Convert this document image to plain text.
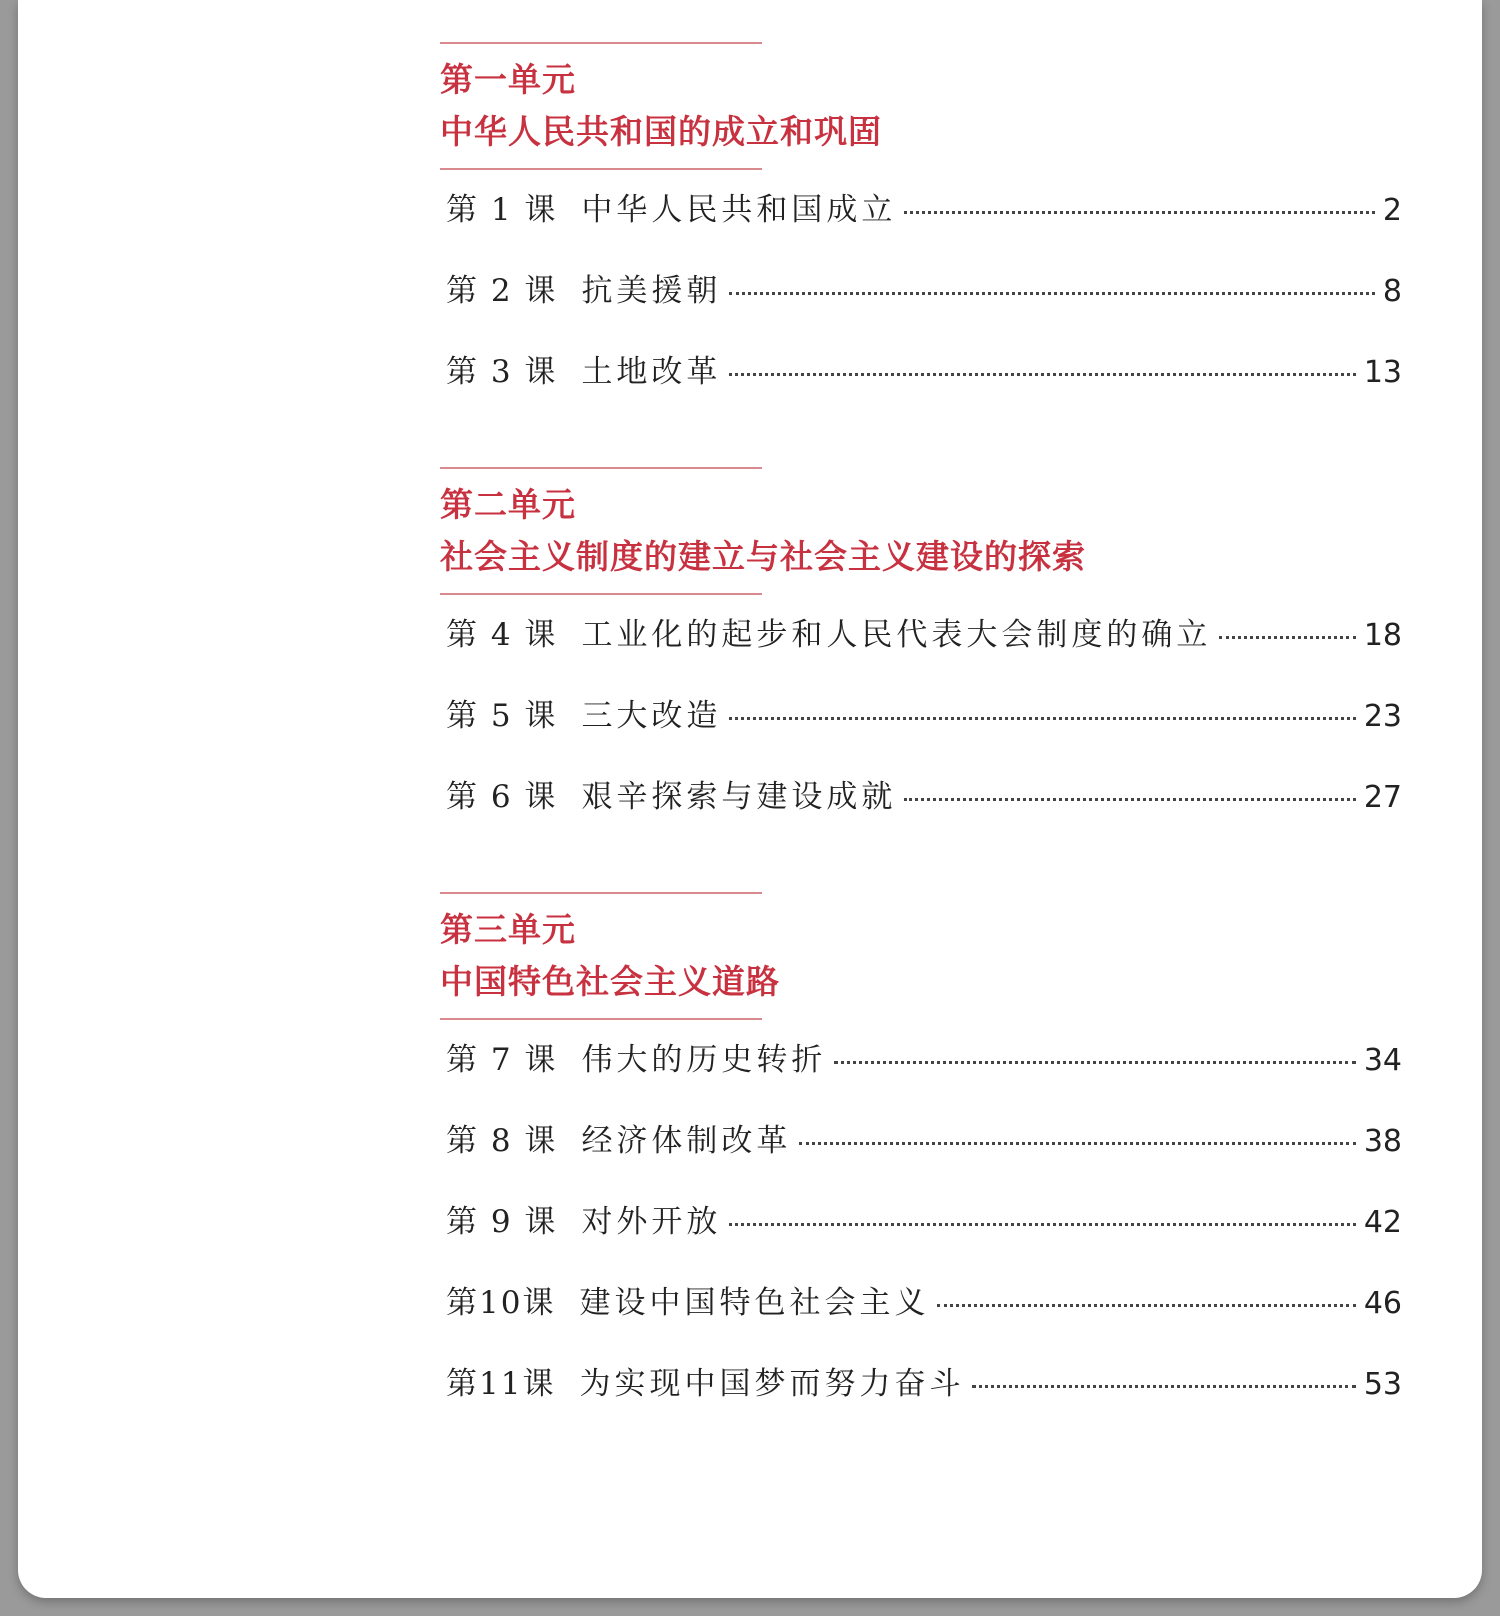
第一单元
中华人民共和国的成立和巩固
第 1 课 中华人民共和国成立	2
第 2 课 抗美援朝	8
第 3 课 土地改革	13
第二单元
社会主义制度的建立与社会主义建设的探索
第 4 课 工业化的起步和人民代表大会制度的确立	18
第 5 课 三大改造	23
第 6 课 艰辛探索与建设成就	27
第三单元
中国特色社会主义道路
第 7 课 伟大的历史转折	34
第 8 课 经济体制改革	38
第 9 课 对外开放	42
第10课 建设中国特色社会主义	46
第11课 为实现中国梦而努力奋斗	53
